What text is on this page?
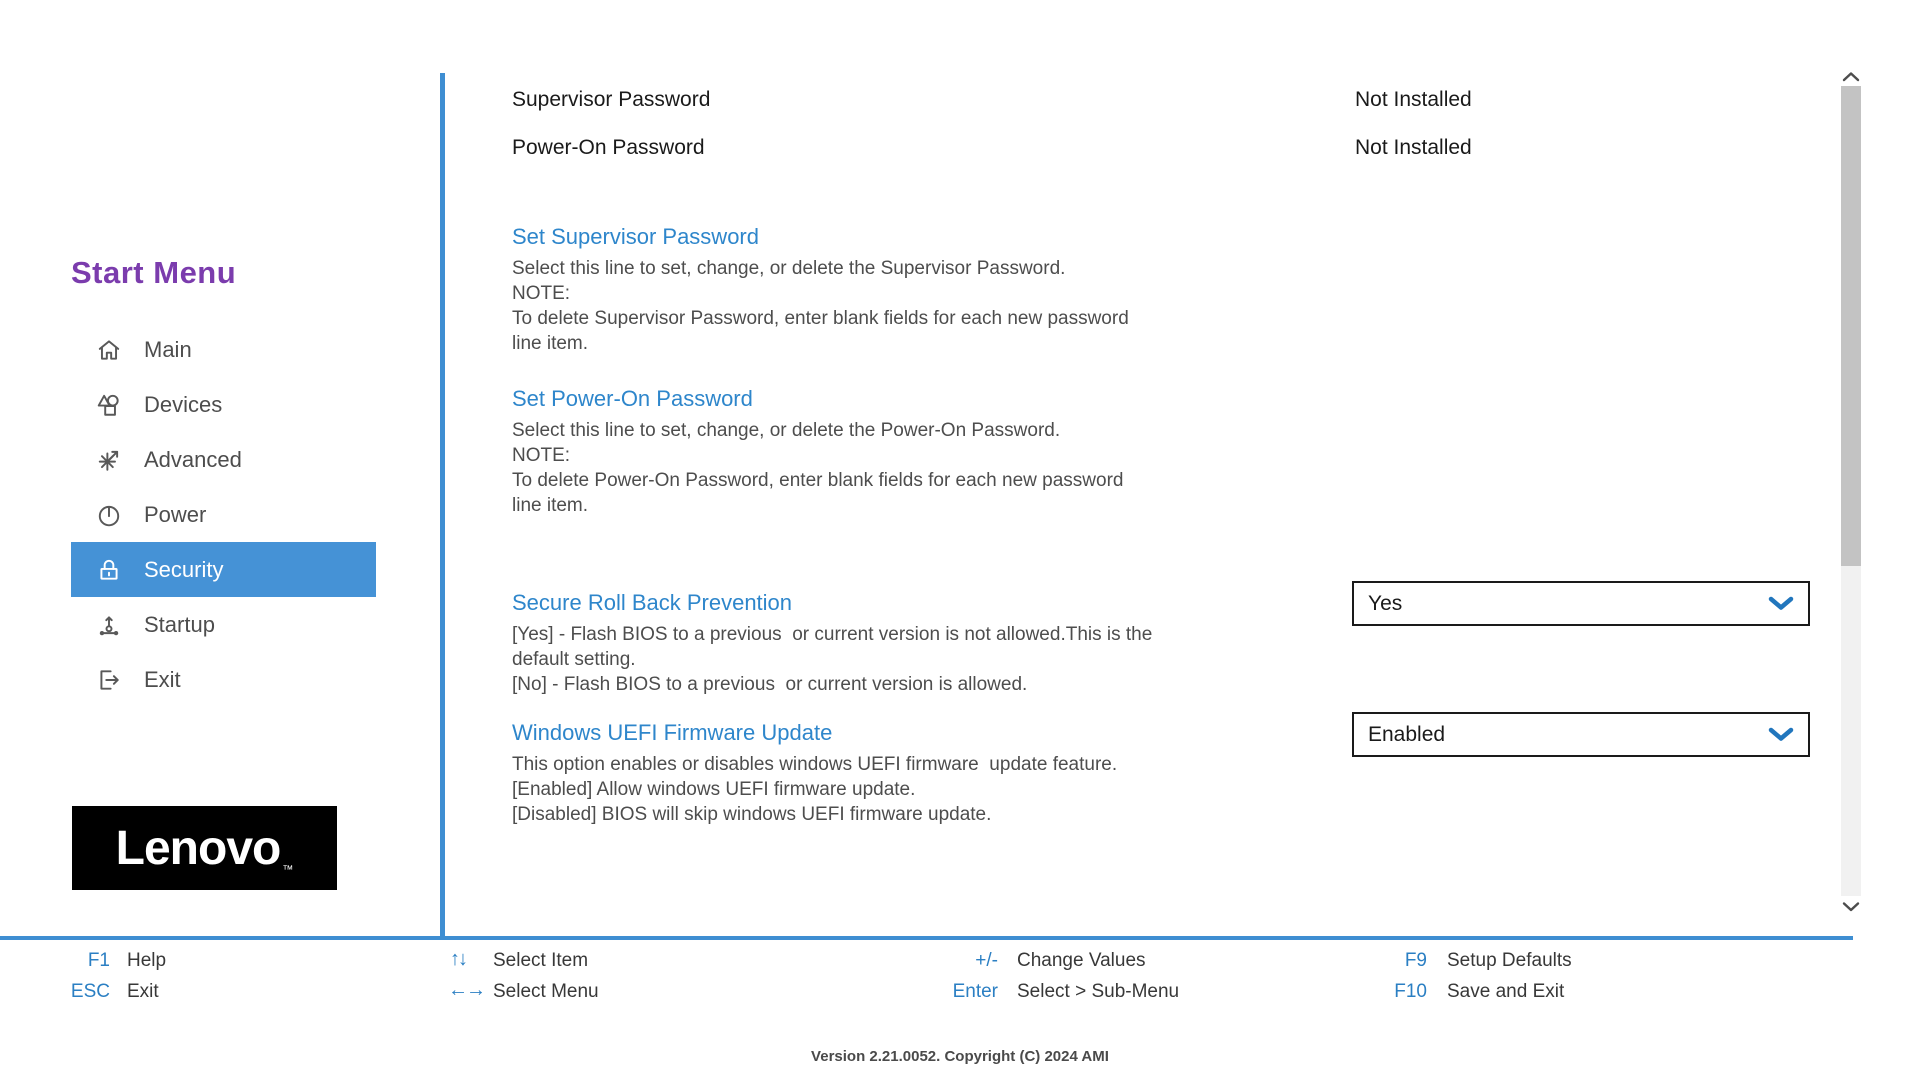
Start Menu
Main
Devices
Advanced
Power
Security
Startup
Exit
Lenovo ™
Supervisor Password	Not Installed
Power-On Password	Not Installed
Set Supervisor Password
Select this line to set, change, or delete the Supervisor Password.
NOTE:
To delete Supervisor Password, enter blank fields for each new password
line item.
Set Power-On Password
Select this line to set, change, or delete the Power-On Password.
NOTE:
To delete Power-On Password, enter blank fields for each new password
line item.
Secure Roll Back Prevention
[Yes] - Flash BIOS to a previous  or current version is not allowed.This is the
default setting.
[No] - Flash BIOS to a previous  or current version is allowed.
Yes
Windows UEFI Firmware Update
This option enables or disables windows UEFI firmware  update feature.
[Enabled] Allow windows UEFI firmware update.
[Disabled] BIOS will skip windows UEFI firmware update.
Enabled
F1 Help
ESC Exit
↑↓ Select Item
←→ Select Menu
+/- Change Values
Enter Select > Sub-Menu
F9 Setup Defaults
F10 Save and Exit
Version 2.21.0052. Copyright (C) 2024 AMI
